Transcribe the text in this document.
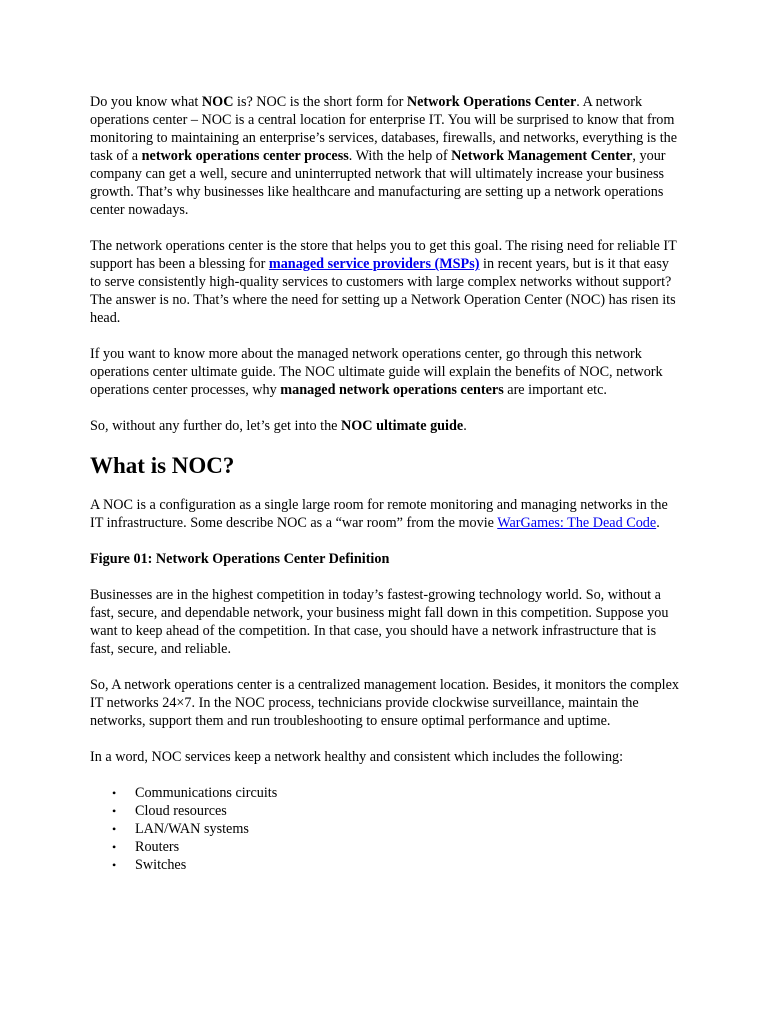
Do you know what NOC is? NOC is the short form for Network Operations Center. A network operations center – NOC is a central location for enterprise IT. You will be surprised to know that from monitoring to maintaining an enterprise’s services, databases, firewalls, and networks, everything is the task of a network operations center process. With the help of Network Management Center, your company can get a well, secure and uninterrupted network that will ultimately increase your business growth. That’s why businesses like healthcare and manufacturing are setting up a network operations center nowadays.

The network operations center is the store that helps you to get this goal. The rising need for reliable IT support has been a blessing for managed service providers (MSPs) in recent years, but is it that easy to serve consistently high-quality services to customers with large complex networks without support? The answer is no. That’s where the need for setting up a Network Operation Center (NOC) has risen its head.

If you want to know more about the managed network operations center, go through this network operations center ultimate guide. The NOC ultimate guide will explain the benefits of NOC, network operations center processes, why managed network operations centers are important etc.

So, without any further do, let’s get into the NOC ultimate guide.

What is NOC?

A NOC is a configuration as a single large room for remote monitoring and managing networks in the IT infrastructure. Some describe NOC as a “war room” from the movie WarGames: The Dead Code.

Figure 01: Network Operations Center Definition

Businesses are in the highest competition in today’s fastest-growing technology world. So, without a fast, secure, and dependable network, your business might fall down in this competition. Suppose you want to keep ahead of the competition. In that case, you should have a network infrastructure that is fast, secure, and reliable.

So, A network operations center is a centralized management location. Besides, it monitors the complex IT networks 24×7. In the NOC process, technicians provide clockwise surveillance, maintain the networks, support them and run troubleshooting to ensure optimal performance and uptime.

In a word, NOC services keep a network healthy and consistent which includes the following:

• Communications circuits
• Cloud resources
• LAN/WAN systems
• Routers
• Switches
